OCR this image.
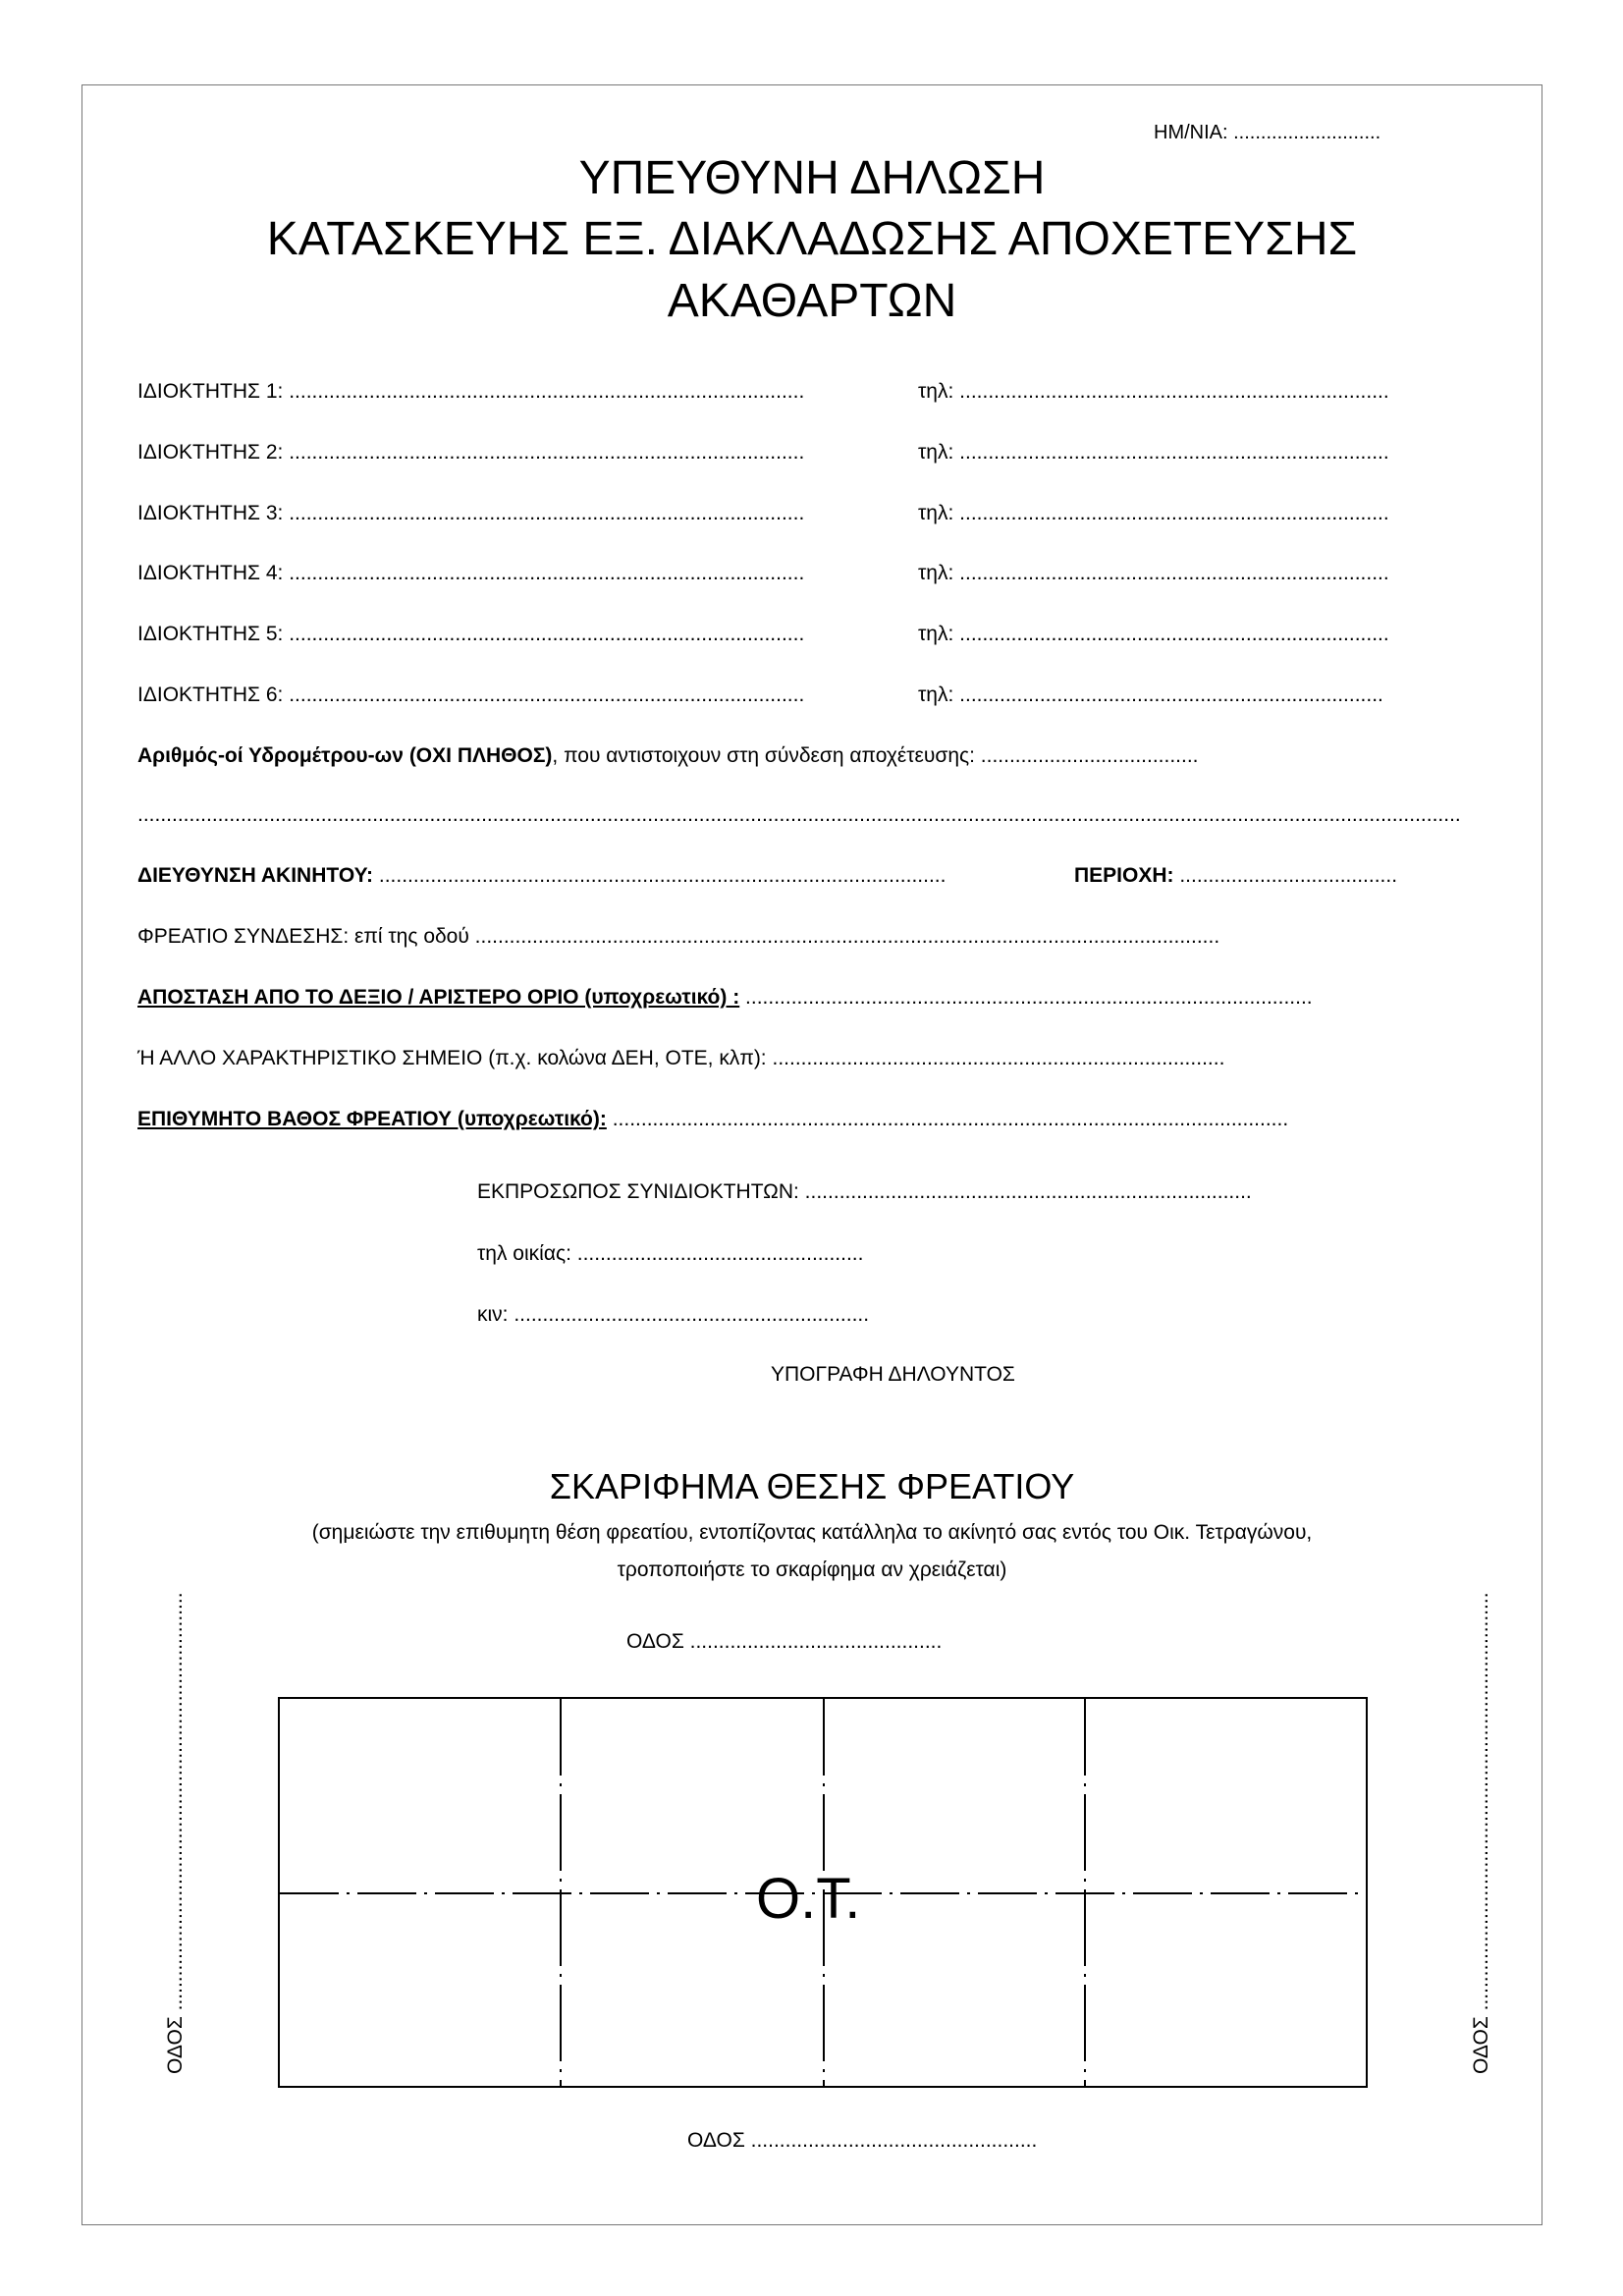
ΗΜ/ΝΙΑ: ...........................
ΥΠΕΥΘΥΝΗ ΔΗΛΩΣΗ
ΚΑΤΑΣΚΕΥΗΣ ΕΞ. ΔΙΑΚΛΑΔΩΣΗΣ ΑΠΟΧΕΤΕΥΣΗΣ
ΑΚΑΘΑΡΤΩΝ
ΙΔΙΟΚΤΗΤΗΣ 1: ..........................................................................................	τηλ: ...........................................................................
ΙΔΙΟΚΤΗΤΗΣ 2: ..........................................................................................	τηλ: ...........................................................................
ΙΔΙΟΚΤΗΤΗΣ 3: ..........................................................................................	τηλ: ...........................................................................
ΙΔΙΟΚΤΗΤΗΣ 4: ..........................................................................................	τηλ: ...........................................................................
ΙΔΙΟΚΤΗΤΗΣ 5: ..........................................................................................	τηλ: ...........................................................................
ΙΔΙΟΚΤΗΤΗΣ 6: ..........................................................................................	τηλ: ..........................................................................
Αριθμός-οί Υδρομέτρου-ων (ΟΧΙ ΠΛΗΘΟΣ), που αντιστοιχουν στη σύνδεση αποχέτευσης: ......................................
.......................................................................................................................................................................................................................................
ΔΙΕΥΘΥΝΣΗ ΑΚΙΝΗΤΟΥ: ...................................................................................................	ΠΕΡΙΟΧΗ: ......................................
ΦΡΕΑΤΙΟ ΣΥΝΔΕΣΗΣ: επί της οδού ..................................................................................................................................
ΑΠΟΣΤΑΣΗ ΑΠΟ ΤΟ ΔΕΞΙΟ / ΑΡΙΣΤΕΡΟ ΟΡΙΟ (υποχρεωτικό) : ...................................................................................................
Ή ΑΛΛΟ ΧΑΡΑΚΤΗΡΙΣΤΙΚΟ ΣΗΜΕΙΟ (π.χ. κολώνα ΔΕΗ, ΟΤΕ, κλπ): ...............................................................................
ΕΠΙΘΥΜΗΤΟ ΒΑΘΟΣ ΦΡΕΑΤΙΟΥ (υποχρεωτικό): ......................................................................................................................
ΕΚΠΡΟΣΩΠΟΣ ΣΥΝΙΔΙΟΚΤΗΤΩΝ: ..............................................................................
τηλ οικίας: ..................................................
κιν: ..............................................................
ΥΠΟΓΡΑΦΗ ΔΗΛΟΥΝΤΟΣ
ΣΚΑΡΙΦΗΜΑ ΘΕΣΗΣ ΦΡΕΑΤΙΟΥ
(σημειώστε την επιθυμητη θέση φρεατίου, εντοπίζοντας κατάλληλα το ακίνητό σας εντός του Οικ. Τετραγώνου,
τροποποιήστε το σκαρίφημα αν χρειάζεται)
ΟΔΟΣ ............................................
ΟΔΟΣ ..................................................
ΟΔΟΣ .........................................................................	ΟΔΟΣ .........................................................................
Ο.Τ.
